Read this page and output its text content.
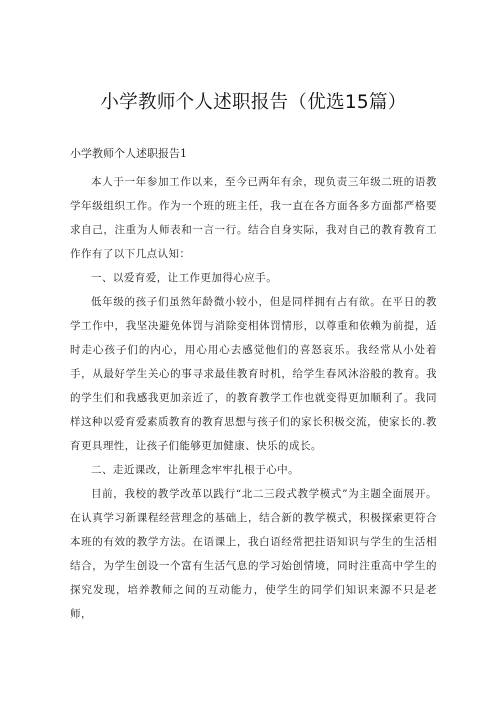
小学教师个人述职报告（优选15篇）
小学教师个人述职报告1

本人于一年参加工作以来，至今已两年有余，现负责三年级二班的语教学年级组织工作。作为一个班的班主任，我一直在各方面各多方面都严格要求自己，注重为人师表和一言一行。结合自身实际，我对自己的教育教育工作作有了以下几点认知：

一、以爱育爱，让工作更加得心应手。

低年级的孩子们虽然年龄微小较小，但是同样拥有占有欲。在平日的教学工作中，我坚决避免体罚与消除变相体罚情形，以尊重和依赖为前提，适时走心孩子们的内心，用心用心去感觉他们的喜怒哀乐。我经常从小处着手，从最好学生关心的事寻求最佳教育时机，给学生春风沐浴般的教育。我的学生们和我感我更加亲近了，的教育教学工作也就变得更加顺利了。我同样这种以爱育爱素质教育的教育思想与孩子们的家长积极交流，使家长的.教育更具理性，让孩子们能够更加健康、快乐的成长。

二、走近课改，让新理念牢牢扎根于心中。

目前，我校的教学改革以践行“北二三段式教学模式”为主题全面展开。在认真学习新课程经营理念的基础上，结合新的教学模式，积极探索更符合本班的有效的教学方法。在语课上，我白语经常把拄语知识与学生的生活相结合，为学生创设一个富有生活气息的学习始创情境，同时注重高中学生的探究发现，培养教师之间的互动能力，使学生的同学们知识来源不只是老师，
